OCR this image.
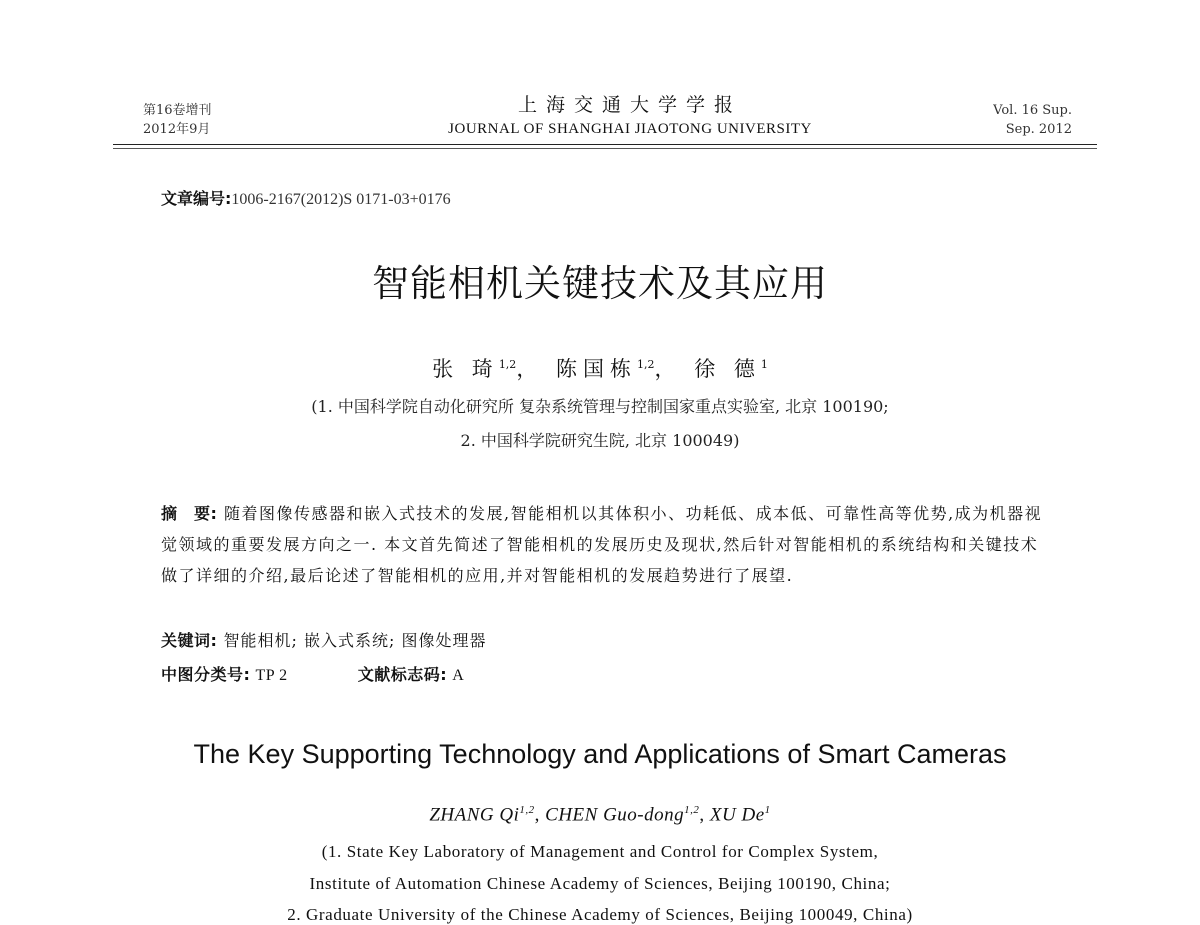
第16卷增刊
2012年9月
上海交通大学学报
JOURNAL OF SHANGHAI JIAOTONG UNIVERSITY
Vol. 16 Sup.
Sep. 2012
文章编号:1006-2167(2012)S 0171-03+0176
智能相机关键技术及其应用
张 琦$^{1,2}$， 陈国栋$^{1,2}$， 徐 德$^1$
(1. 中国科学院自动化研究所 复杂系统管理与控制国家重点实验室, 北京 100190;
2. 中国科学院研究生院, 北京 100049)
摘　要: 随着图像传感器和嵌入式技术的发展,智能相机以其体积小、功耗低、成本低、可靠性高等优势,成为机器视觉领域的重要发展方向之一. 本文首先简述了智能相机的发展历史及现状,然后针对智能相机的系统结构和关键技术做了详细的介绍,最后论述了智能相机的应用,并对智能相机的发展趋势进行了展望.
关键词: 智能相机; 嵌入式系统; 图像处理器
中图分类号: TP 2	文献标志码: A
The Key Supporting Technology and Applications of Smart Cameras
ZHANG Qi$^{1,2}$, CHEN Guo-dong$^{1,2}$, XU De$^1$
(1. State Key Laboratory of Management and Control for Complex System,
Institute of Automation Chinese Academy of Sciences, Beijing 100190, China;
2. Graduate University of the Chinese Academy of Sciences, Beijing 100049, China)
